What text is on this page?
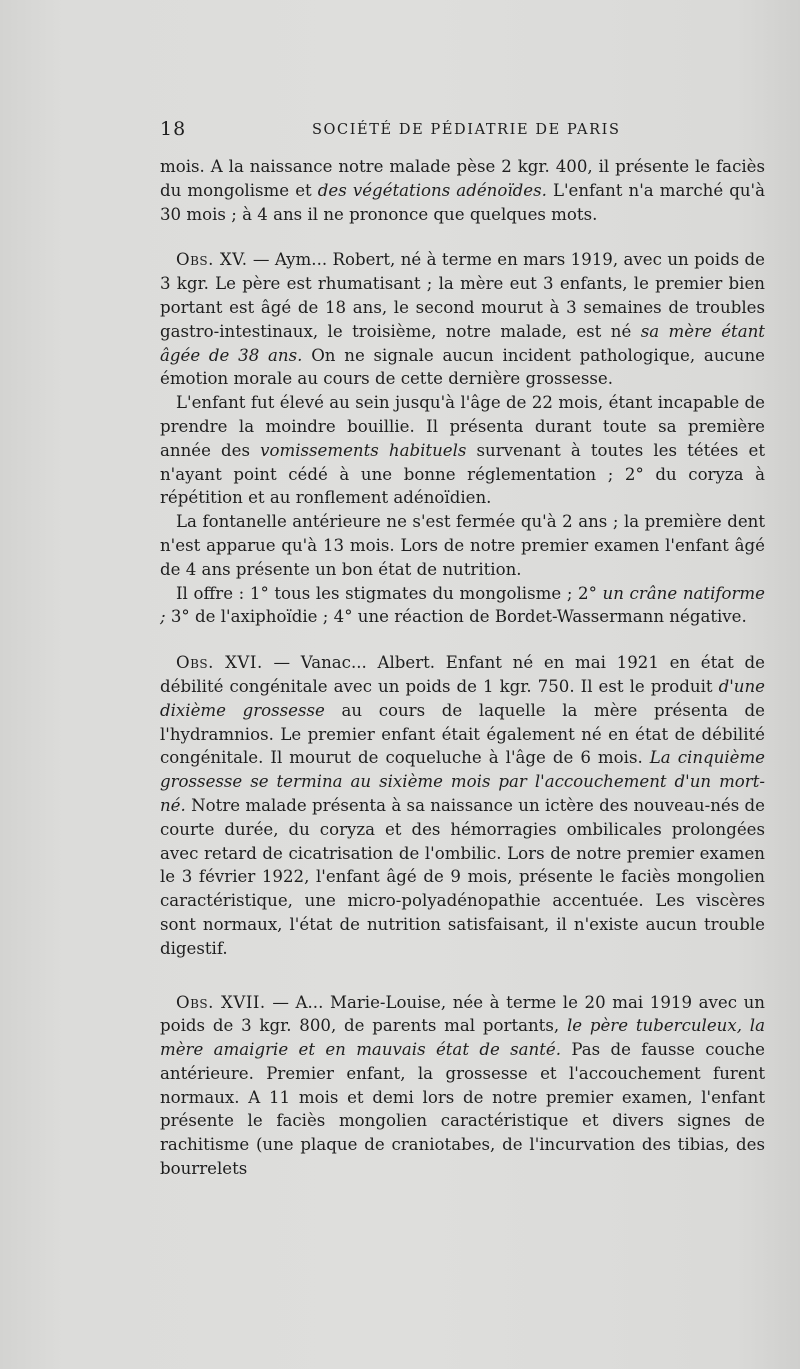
18	SOCIÉTÉ DE PÉDIATRIE DE PARIS

mois. A la naissance notre malade pèse 2 kgr. 400, il présente le faciès du mongolisme et des végétations adénoïdes. L'enfant n'a marché qu'à 30 mois ; à 4 ans il ne prononce que quelques mots.

Obs. XV. — Aym... Robert, né à terme en mars 1919, avec un poids de 3 kgr. Le père est rhumatisant ; la mère eut 3 enfants, le premier bien portant est âgé de 18 ans, le second mourut à 3 semaines de troubles gastro-intestinaux, le troisième, notre malade, est né sa mère étant âgée de 38 ans. On ne signale aucun incident pathologique, aucune émotion morale au cours de cette dernière grossesse.

L'enfant fut élevé au sein jusqu'à l'âge de 22 mois, étant incapable de prendre la moindre bouillie. Il présenta durant toute sa première année des vomissements habituels survenant à toutes les tétées et n'ayant point cédé à une bonne réglementation ; 2° du coryza à répétition et au ronflement adénoïdien.

La fontanelle antérieure ne s'est fermée qu'à 2 ans ; la première dent n'est apparue qu'à 13 mois. Lors de notre premier examen l'enfant âgé de 4 ans présente un bon état de nutrition.

Il offre : 1° tous les stigmates du mongolisme ; 2° un crâne natiforme ; 3° de l'axiphoïdie ; 4° une réaction de Bordet-Wassermann négative.

Obs. XVI. — Vanac... Albert. Enfant né en mai 1921 en état de débilité congénitale avec un poids de 1 kgr. 750. Il est le produit d'une dixième grossesse au cours de laquelle la mère présenta de l'hydramnios. Le premier enfant était également né en état de débilité congénitale. Il mourut de coqueluche à l'âge de 6 mois. La cinquième grossesse se termina au sixième mois par l'accouchement d'un mort-né. Notre malade présenta à sa naissance un ictère des nouveau-nés de courte durée, du coryza et des hémorragies ombilicales prolongées avec retard de cicatrisation de l'ombilic. Lors de notre premier examen le 3 février 1922, l'enfant âgé de 9 mois, présente le faciès mongolien caractéristique, une micro-polyadénopathie accentuée. Les viscères sont normaux, l'état de nutrition satisfaisant, il n'existe aucun trouble digestif.

Obs. XVII. — A... Marie-Louise, née à terme le 20 mai 1919 avec un poids de 3 kgr. 800, de parents mal portants, le père tuberculeux, la mère amaigrie et en mauvais état de santé. Pas de fausse couche antérieure. Premier enfant, la grossesse et l'accouchement furent normaux. A 11 mois et demi lors de notre premier examen, l'enfant présente le faciès mongolien caractéristique et divers signes de rachitisme (une plaque de craniotabes, de l'incurvation des tibias, des bourrelets
